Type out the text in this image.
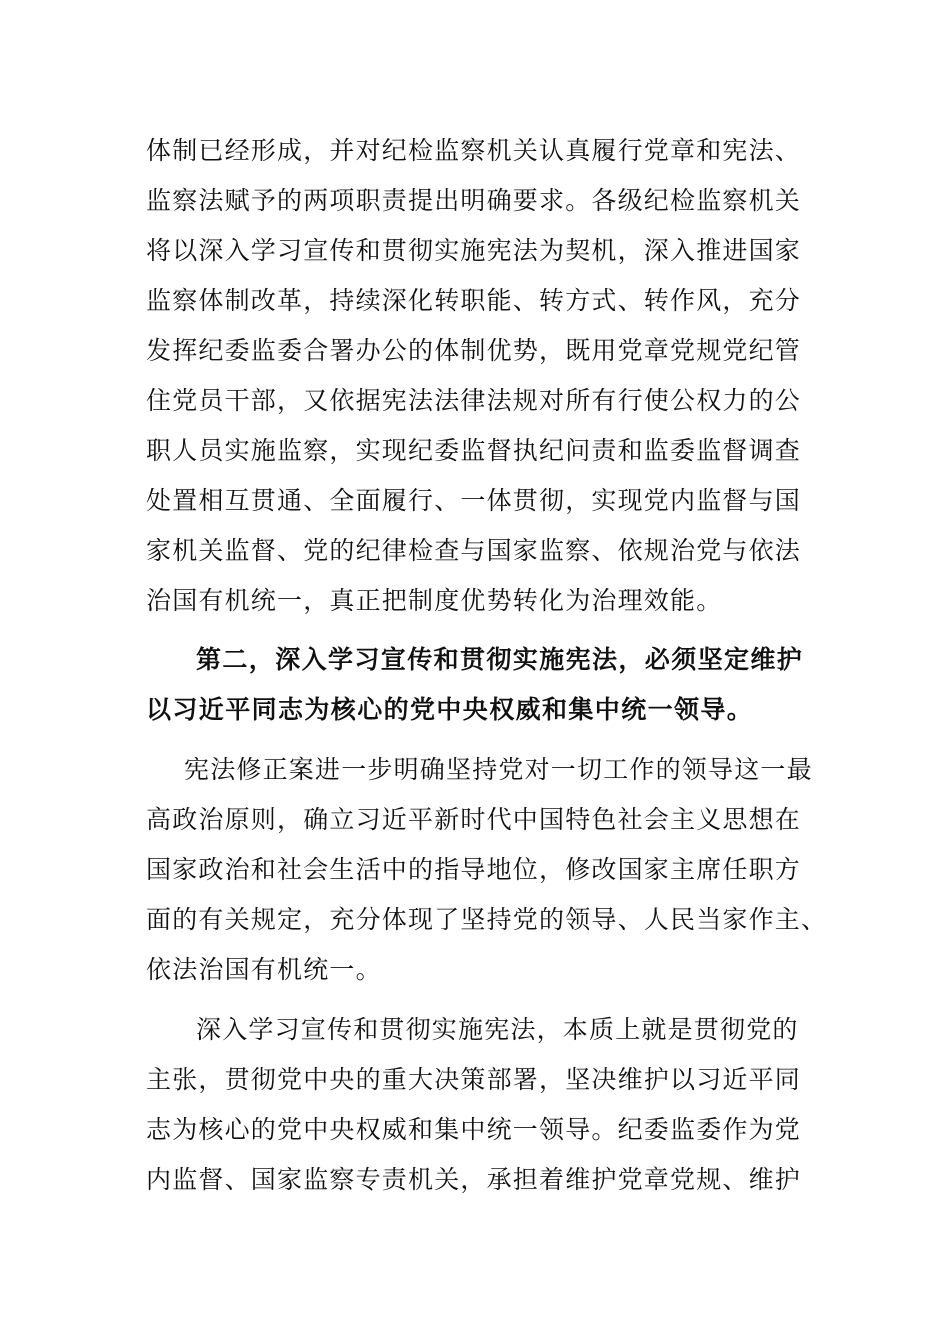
体制已经形成，并对纪检监察机关认真履行党章和宪法、
监察法赋予的两项职责提出明确要求。各级纪检监察机关
将以深入学习宣传和贯彻实施宪法为契机，深入推进国家
监察体制改革，持续深化转职能、转方式、转作风，充分
发挥纪委监委合署办公的体制优势，既用党章党规党纪管
住党员干部，又依据宪法法律法规对所有行使公权力的公
职人员实施监察，实现纪委监督执纪问责和监委监督调查
处置相互贯通、全面履行、一体贯彻，实现党内监督与国
家机关监督、党的纪律检查与国家监察、依规治党与依法
治国有机统一，真正把制度优势转化为治理效能。
第二，深入学习宣传和贯彻实施宪法，必须坚定维护
以习近平同志为核心的党中央权威和集中统一领导。
宪法修正案进一步明确坚持党对一切工作的领导这一最
高政治原则，确立习近平新时代中国特色社会主义思想在
国家政治和社会生活中的指导地位，修改国家主席任职方
面的有关规定，充分体现了坚持党的领导、人民当家作主、
依法治国有机统一。
深入学习宣传和贯彻实施宪法，本质上就是贯彻党的
主张，贯彻党中央的重大决策部署，坚决维护以习近平同
志为核心的党中央权威和集中统一领导。纪委监委作为党
内监督、国家监察专责机关，承担着维护党章党规、维护
